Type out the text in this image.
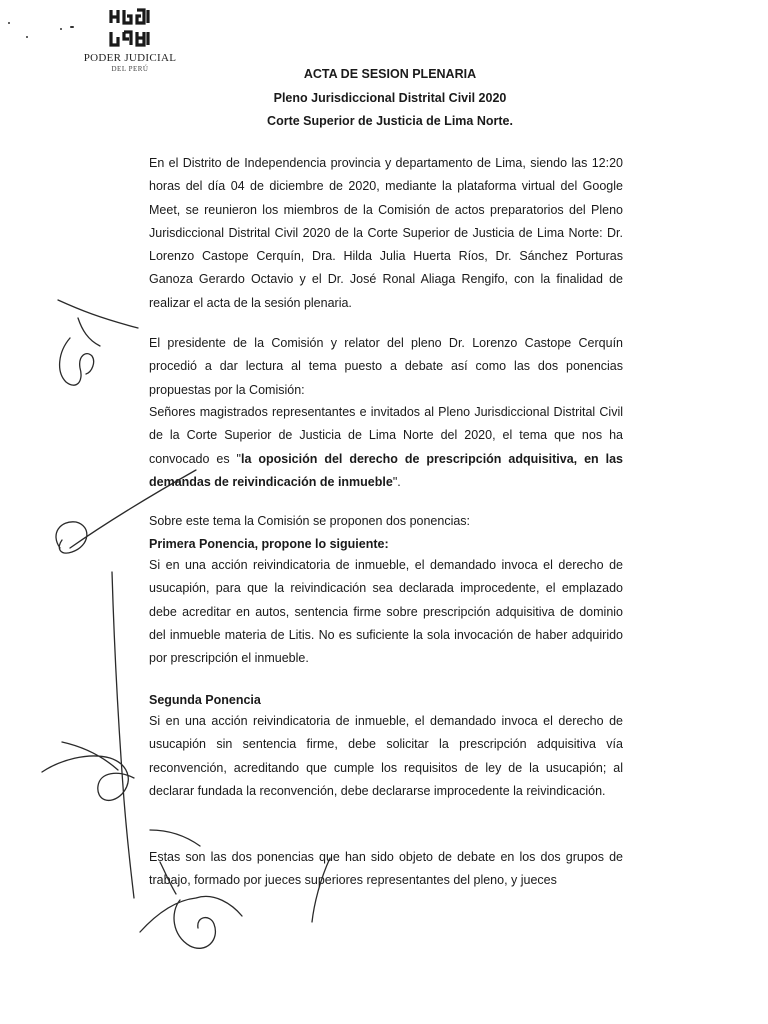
PODER JUDICIAL
DEL PERÚ	ACTA DE SESION PLENARIA
Pleno Jurisdiccional Distrital Civil 2020
Corte Superior de Justicia de Lima Norte.
En el Distrito de Independencia provincia y departamento de Lima, siendo las 12:20 horas del día 04 de diciembre de 2020, mediante la plataforma virtual del Google Meet, se reunieron los miembros de la Comisión de actos preparatorios del Pleno Jurisdiccional Distrital Civil 2020 de la Corte Superior de Justicia de Lima Norte: Dr. Lorenzo Castope Cerquín, Dra. Hilda Julia Huerta Ríos, Dr. Sánchez Porturas Ganoza Gerardo Octavio y el Dr. José Ronal Aliaga Rengifo, con la finalidad de realizar el acta de la sesión plenaria.
El presidente de la Comisión y relator del pleno Dr. Lorenzo Castope Cerquín procedió a dar lectura al tema puesto a debate así como las dos ponencias propuestas por la Comisión:
Señores magistrados representantes e invitados al Pleno Jurisdiccional Distrital Civil de la Corte Superior de Justicia de Lima Norte del 2020, el tema que nos ha convocado es "la oposición del derecho de prescripción adquisitiva, en las demandas de reivindicación de inmueble".
Sobre este tema la Comisión se proponen dos ponencias:
Primera Ponencia, propone lo siguiente:
Si en una acción reivindicatoria de inmueble, el demandado invoca el derecho de usucapión, para que la reivindicación sea declarada improcedente, el emplazado debe acreditar en autos, sentencia firme sobre prescripción adquisitiva de dominio del inmueble materia de Litis. No es suficiente la sola invocación de haber adquirido por prescripción el inmueble.
Segunda Ponencia
Si en una acción reivindicatoria de inmueble, el demandado invoca el derecho de usucapión sin sentencia firme, debe solicitar la prescripción adquisitiva vía reconvención, acreditando que cumple los requisitos de ley de la usucapión; al declarar fundada la reconvención, debe declararse improcedente la reivindicación.
Estas son las dos ponencias que han sido objeto de debate en los dos grupos de trabajo, formado por jueces superiores representantes del pleno, y jueces
